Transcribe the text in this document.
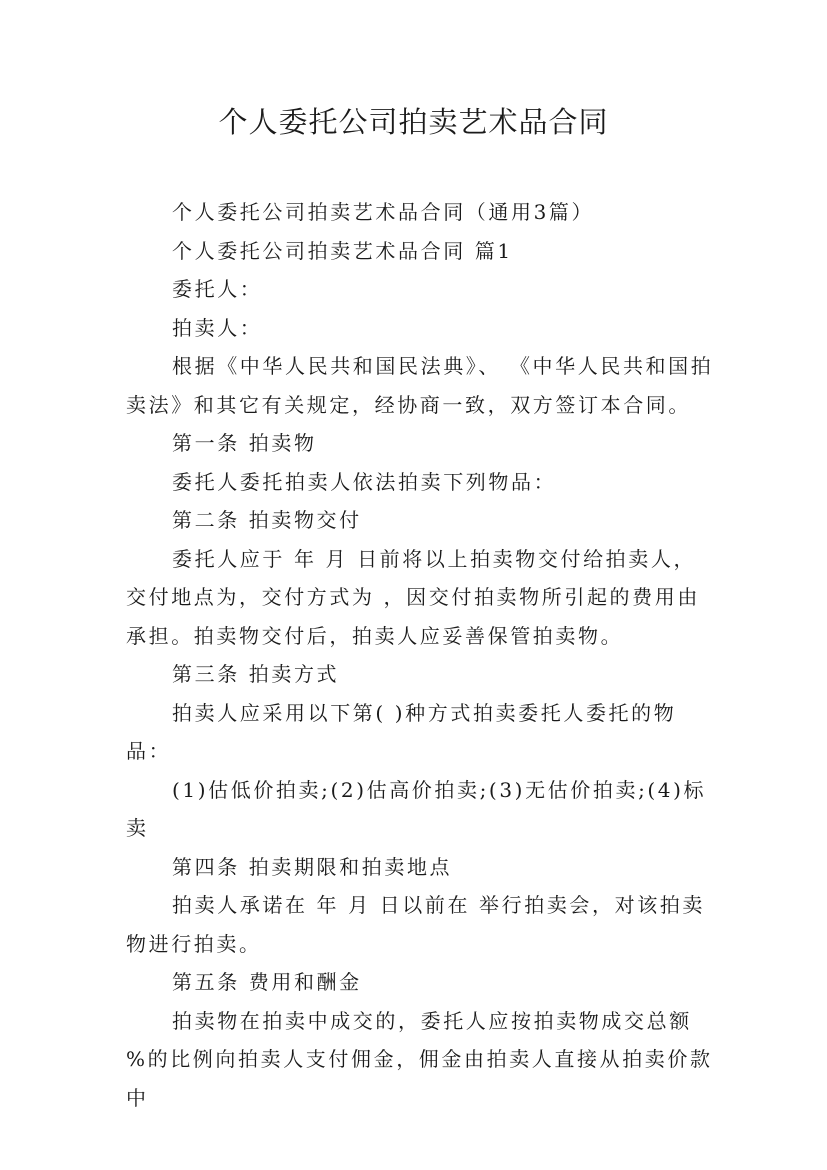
个人委托公司拍卖艺术品合同

个人委托公司拍卖艺术品合同（通用3篇）

个人委托公司拍卖艺术品合同 篇1

委托人：

拍卖人：

根据《中华人民共和国民法典》、 《中华人民共和国拍卖法》和其它有关规定，经协商一致，双方签订本合同。

第一条 拍卖物

委托人委托拍卖人依法拍卖下列物品：

第二条 拍卖物交付

委托人应于 年 月 日前将以上拍卖物交付给拍卖人，交付地点为，交付方式为 ，因交付拍卖物所引起的费用由承担。拍卖物交付后，拍卖人应妥善保管拍卖物。

第三条 拍卖方式

拍卖人应采用以下第( )种方式拍卖委托人委托的物品：

(1)估低价拍卖;(2)估高价拍卖;(3)无估价拍卖;(4)标卖

第四条 拍卖期限和拍卖地点

拍卖人承诺在 年 月 日以前在 举行拍卖会，对该拍卖物进行拍卖。

第五条 费用和酬金

拍卖物在拍卖中成交的，委托人应按拍卖物成交总额 %的比例向拍卖人支付佣金，佣金由拍卖人直接从拍卖价款中
